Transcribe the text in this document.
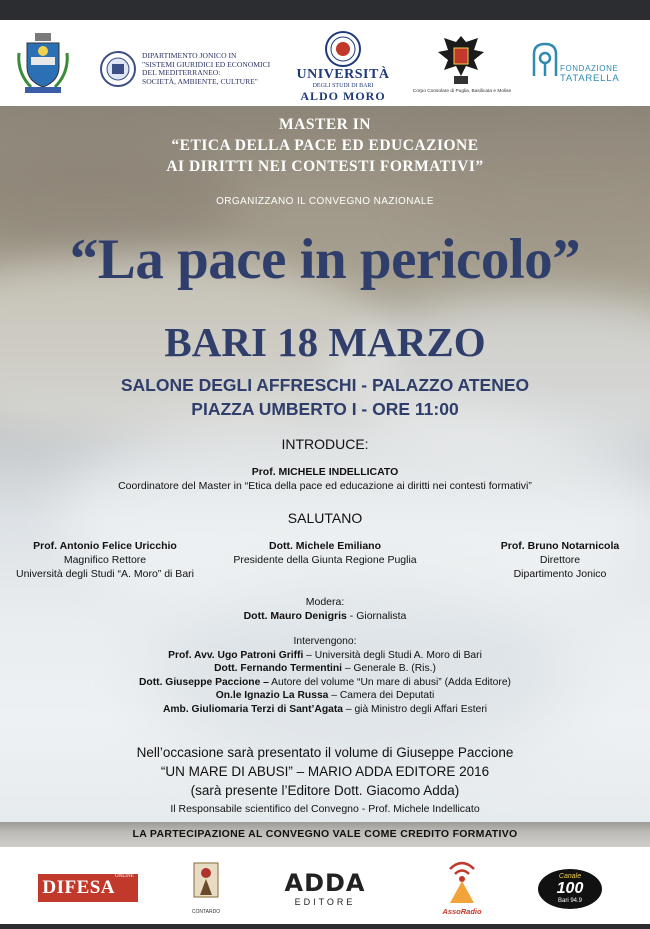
DIPARTIMENTO JONICO IN
"SISTEMI GIURIDICI ED ECONOMICI
DEL MEDITERRANEO:
SOCIETÀ, AMBIENTE, CULTURE"	UNIVERSITÀ
DEGLI STUDI DI BARI
ALDO MORO	Corpo Consolare di Puglia, Basilicata e Molise
FONDAZIONE
TATARELLA
MASTER IN
“ETICA DELLA PACE ED EDUCAZIONE
AI DIRITTI NEI CONTESTI FORMATIVI”
ORGANIZZANO IL CONVEGNO NAZIONALE
“La pace in pericolo”
BARI 18 MARZO
SALONE DEGLI AFFRESCHI - PALAZZO ATENEO
PIAZZA UMBERTO I - ORE 11:00
INTRODUCE:
Prof. MICHELE INDELLICATO
Coordinatore del Master in “Etica della pace ed educazione ai diritti nei contesti formativi”
SALUTANO
Prof. Antonio Felice Uricchio
Magnifico Rettore
Università degli Studi “A. Moro” di Bari
Dott. Michele Emiliano
Presidente della Giunta Regione Puglia
Prof. Bruno Notarnicola
Direttore
Dipartimento Jonico
Modera:
Dott. Mauro Denigris - Giornalista
Intervengono:
Prof. Avv. Ugo Patroni Griffi – Università degli Studi A. Moro di Bari
Dott. Fernando Termentini – Generale B. (Ris.)
Dott. Giuseppe Paccione – Autore del volume “Un mare di abusi” (Adda Editore)
On.le Ignazio La Russa – Camera dei Deputati
Amb. Giuliomaria Terzi di Sant’Agata – già Ministro degli Affari Esteri
Nell’occasione sarà presentato il volume di Giuseppe Paccione
“UN MARE DI ABUSI” – MARIO ADDA EDITORE 2016
(sarà presente l’Editore Dott. Giacomo Adda)
Il Responsabile scientifico del Convegno - Prof. Michele Indellicato
LA PARTECIPAZIONE AL CONVEGNO VALE COME CREDITO FORMATIVO
$DIFESA^{ONLINE}$
CONTARDO
ADDA
EDITORE
AssoRadio
Canale
100
Bari 94.9
